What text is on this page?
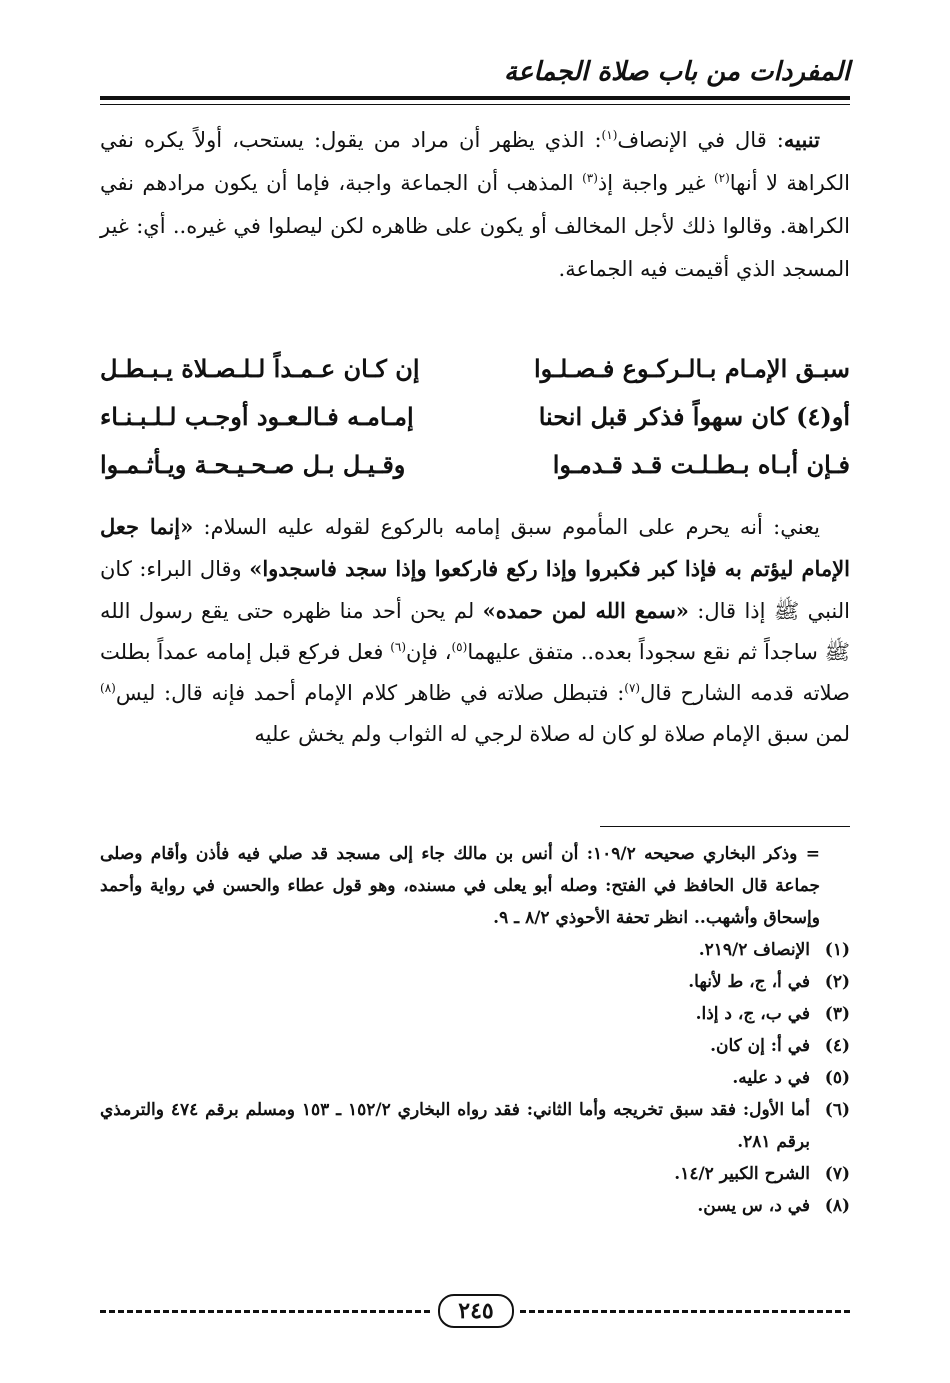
المفردات من باب صلاة الجماعة

تنبيه: قال في الإنصاف$^{(١)}$: الذي يظهر أن مراد من يقول: يستحب، أولاً يكره نفي الكراهة لا أنها$^{(٢)}$ غير واجبة إذ$^{(٣)}$ المذهب أن الجماعة واجبة، فإما أن يكون مرادهم نفي الكراهة. وقالوا ذلك لأجل المخالف أو يكون على ظاهره لكن ليصلوا في غيره.. أي: غير المسجد الذي أقيمت فيه الجماعة.

سبـق الإمـام بـالـركـوع فـصـلـوا
إن كـان عـمـداً لـلـصـلاة يـبـطـل
أو(٤) كان سهواً فذكر قبل انحنا
إمـامـه فـالـعـود أوجـب لـلـبـنـاء
فـإن أبـاه بـطـلـت قـد قـدمـوا
وقـيـل بـل صـحـيـحـة ويـأثـمـوا

يعني: أنه يحرم على المأموم سبق إمامه بالركوع لقوله عليه السلام: «إنما جعل الإمام ليؤتم به فإذا كبر فكبروا وإذا ركع فاركعوا وإذا سجد فاسجدوا» وقال البراء: كان النبي ﷺ إذا قال: «سمع الله لمن حمده» لم يحن أحد منا ظهره حتى يقع رسول الله ﷺ ساجداً ثم نقع سجوداً بعده.. متفق عليهما$^{(٥)}$، فإن$^{(٦)}$ فعل فركع قبل إمامه عمداً بطلت صلاته قدمه الشارح قال$^{(٧)}$: فتبطل صلاته في ظاهر كلام الإمام أحمد فإنه قال: ليس$^{(٨)}$ لمن سبق الإمام صلاة لو كان له صلاة لرجي له الثواب ولم يخش عليه

= وذكر البخاري صحيحه ١٠٩/٢: أن أنس بن مالك جاء إلى مسجد قد صلي فيه فأذن وأقام وصلى جماعة قال الحافظ في الفتح: وصله أبو يعلى في مسنده، وهو قول عطاء والحسن في رواية وأحمد وإسحاق وأشهب.. انظر تحفة الأحوذي ٨/٢ ـ ٩.
(١)
الإنصاف ٢١٩/٢.
(٢)
في أ، ج، ط لأنها.
(٣)
في ب، ج، د إذا.
(٤)
في أ: إن كان.
(٥)
في د عليه.
(٦)
أما الأول: فقد سبق تخريجه وأما الثاني: فقد رواه البخاري ١٥٢/٢ ـ ١٥٣ ومسلم برقم ٤٧٤ والترمذي برقم ٢٨١.
(٧)
الشرح الكبير ١٤/٢.
(٨)
في د، س يسن.
٢٤٥
